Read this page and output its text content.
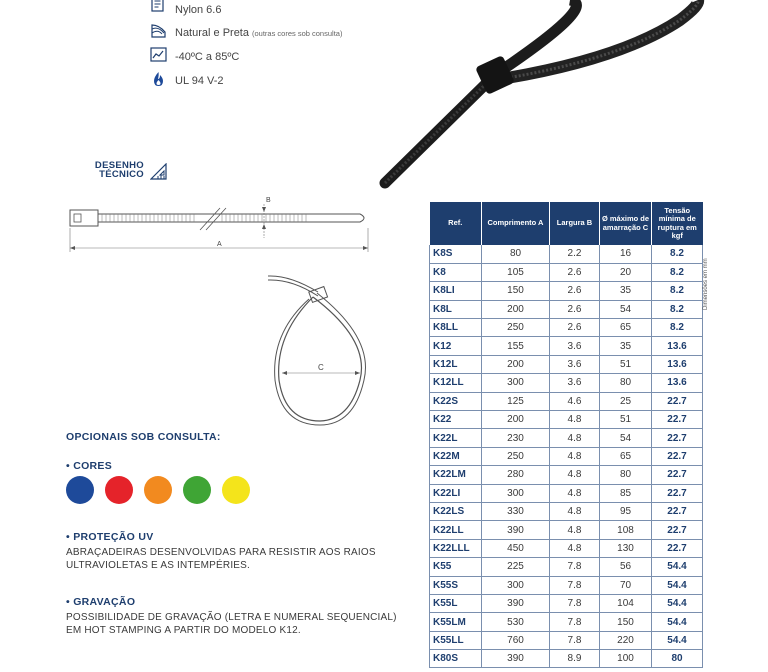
Nylon 6.6
Natural e Preta (outras cores sob consulta)
-40ºC a 85ºC
UL 94 V-2
DESENHO TÉCNICO
B
A
C
OPCIONAIS SOB CONSULTA:
• CORES
• PROTEÇÃO UV
ABRAÇADEIRAS DESENVOLVIDAS PARA RESISTIR AOS RAIOS ULTRAVIOLETAS E AS INTEMPÉRIES.
• GRAVAÇÃO
POSSIBILIDADE DE GRAVAÇÃO (LETRA E NUMERAL SEQUENCIAL) EM HOT STAMPING A PARTIR DO MODELO K12.
Ref.	Comprimento A	Largura B	Ø máximo de amarração C	Tensão mínima de ruptura em kgf
K8S	80	2.2	16	8.2
K8	105	2.6	20	8.2
K8LI	150	2.6	35	8.2
K8L	200	2.6	54	8.2
K8LL	250	2.6	65	8.2
K12	155	3.6	35	13.6
K12L	200	3.6	51	13.6
K12LL	300	3.6	80	13.6
K22S	125	4.6	25	22.7
K22	200	4.8	51	22.7
K22L	230	4.8	54	22.7
K22M	250	4.8	65	22.7
K22LM	280	4.8	80	22.7
K22LI	300	4.8	85	22.7
K22LS	330	4.8	95	22.7
K22LL	390	4.8	108	22.7
K22LLL	450	4.8	130	22.7
K55	225	7.8	56	54.4
K55S	300	7.8	70	54.4
K55L	390	7.8	104	54.4
K55LM	530	7.8	150	54.4
K55LL	760	7.8	220	54.4
K80S	390	8.9	100	80
Dimensões em mm
